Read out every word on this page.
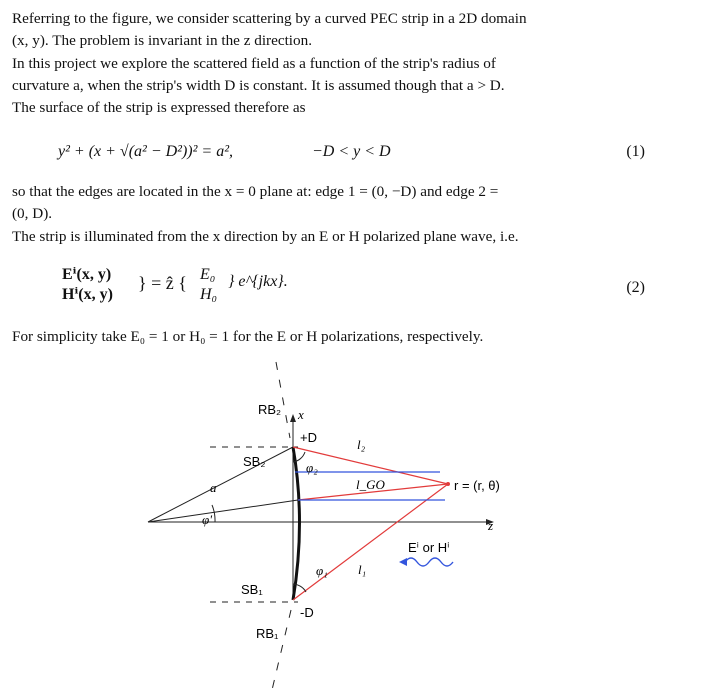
Referring to the figure, we consider scattering by a curved PEC strip in a 2D domain
(x, y). The problem is invariant in the z direction.
In this project we explore the scattered field as a function of the strip's radius of
curvature a, when the strip's width D is constant. It is assumed though that a > D.
The surface of the strip is expressed therefore as
y² + (x + √(a² − D²))² = a²,	−D < y < D	(1)
so that the edges are located in the x = 0 plane at: edge 1 = (0, −D) and edge 2 =
(0, D).
The strip is illuminated from the x direction by an E or H polarized plane wave, i.e.
Eⁱ(x, y)
Hⁱ(x, y)
} = ẑ { E₀
H₀
} e^{jkx}.	(2)
For simplicity take E₀ = 1 or H₀ = 1 for the E or H polarizations, respectively.
RB₂ x
+D
SB₂	φ₂
l₂
l_GO	r = (r, θ)
a
φ'	z
Eⁱ or Hⁱ
φ₁ l₁
SB₁
-D
RB₁
